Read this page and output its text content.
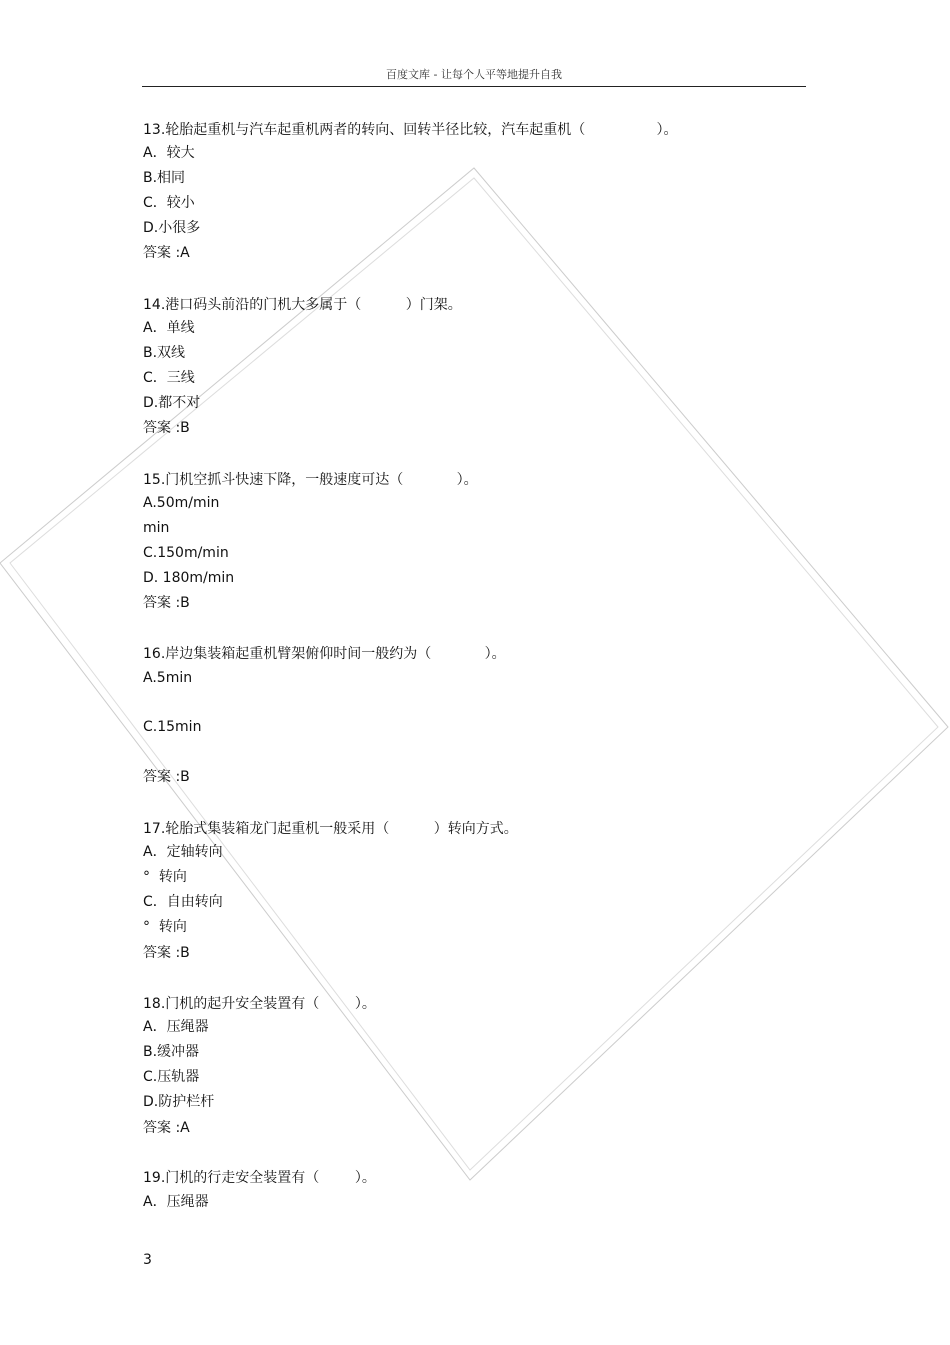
百度文库 - 让每个人平等地提升自我
13.轮胎起重机与汽车起重机两者的转向、回转半径比较，汽车起重机（                ）。
A．较大
B.相同
C．较小
D.小很多
答案 :A
14.港口码头前沿的门机大多属于（          ）门架。
A．单线
B.双线
C．三线
D.都不对
答案 :B
15.门机空抓斗快速下降，一般速度可达（            ）。
A.50m/min
min
C.150m/min
D. 180m/min
答案 :B
16.岸边集装箱起重机臂架俯仰时间一般约为（            ）。
A.5min
C.15min
答案 :B
17.轮胎式集装箱龙门起重机一般采用（          ）转向方式。
A．定轴转向
°  转向
C．自由转向
°  转向
答案 :B
18.门机的起升安全装置有（        ）。
A．压绳器
B.缓冲器
C.压轨器
D.防护栏杆
答案 :A
19.门机的行走安全装置有（        ）。
A．压绳器
3
